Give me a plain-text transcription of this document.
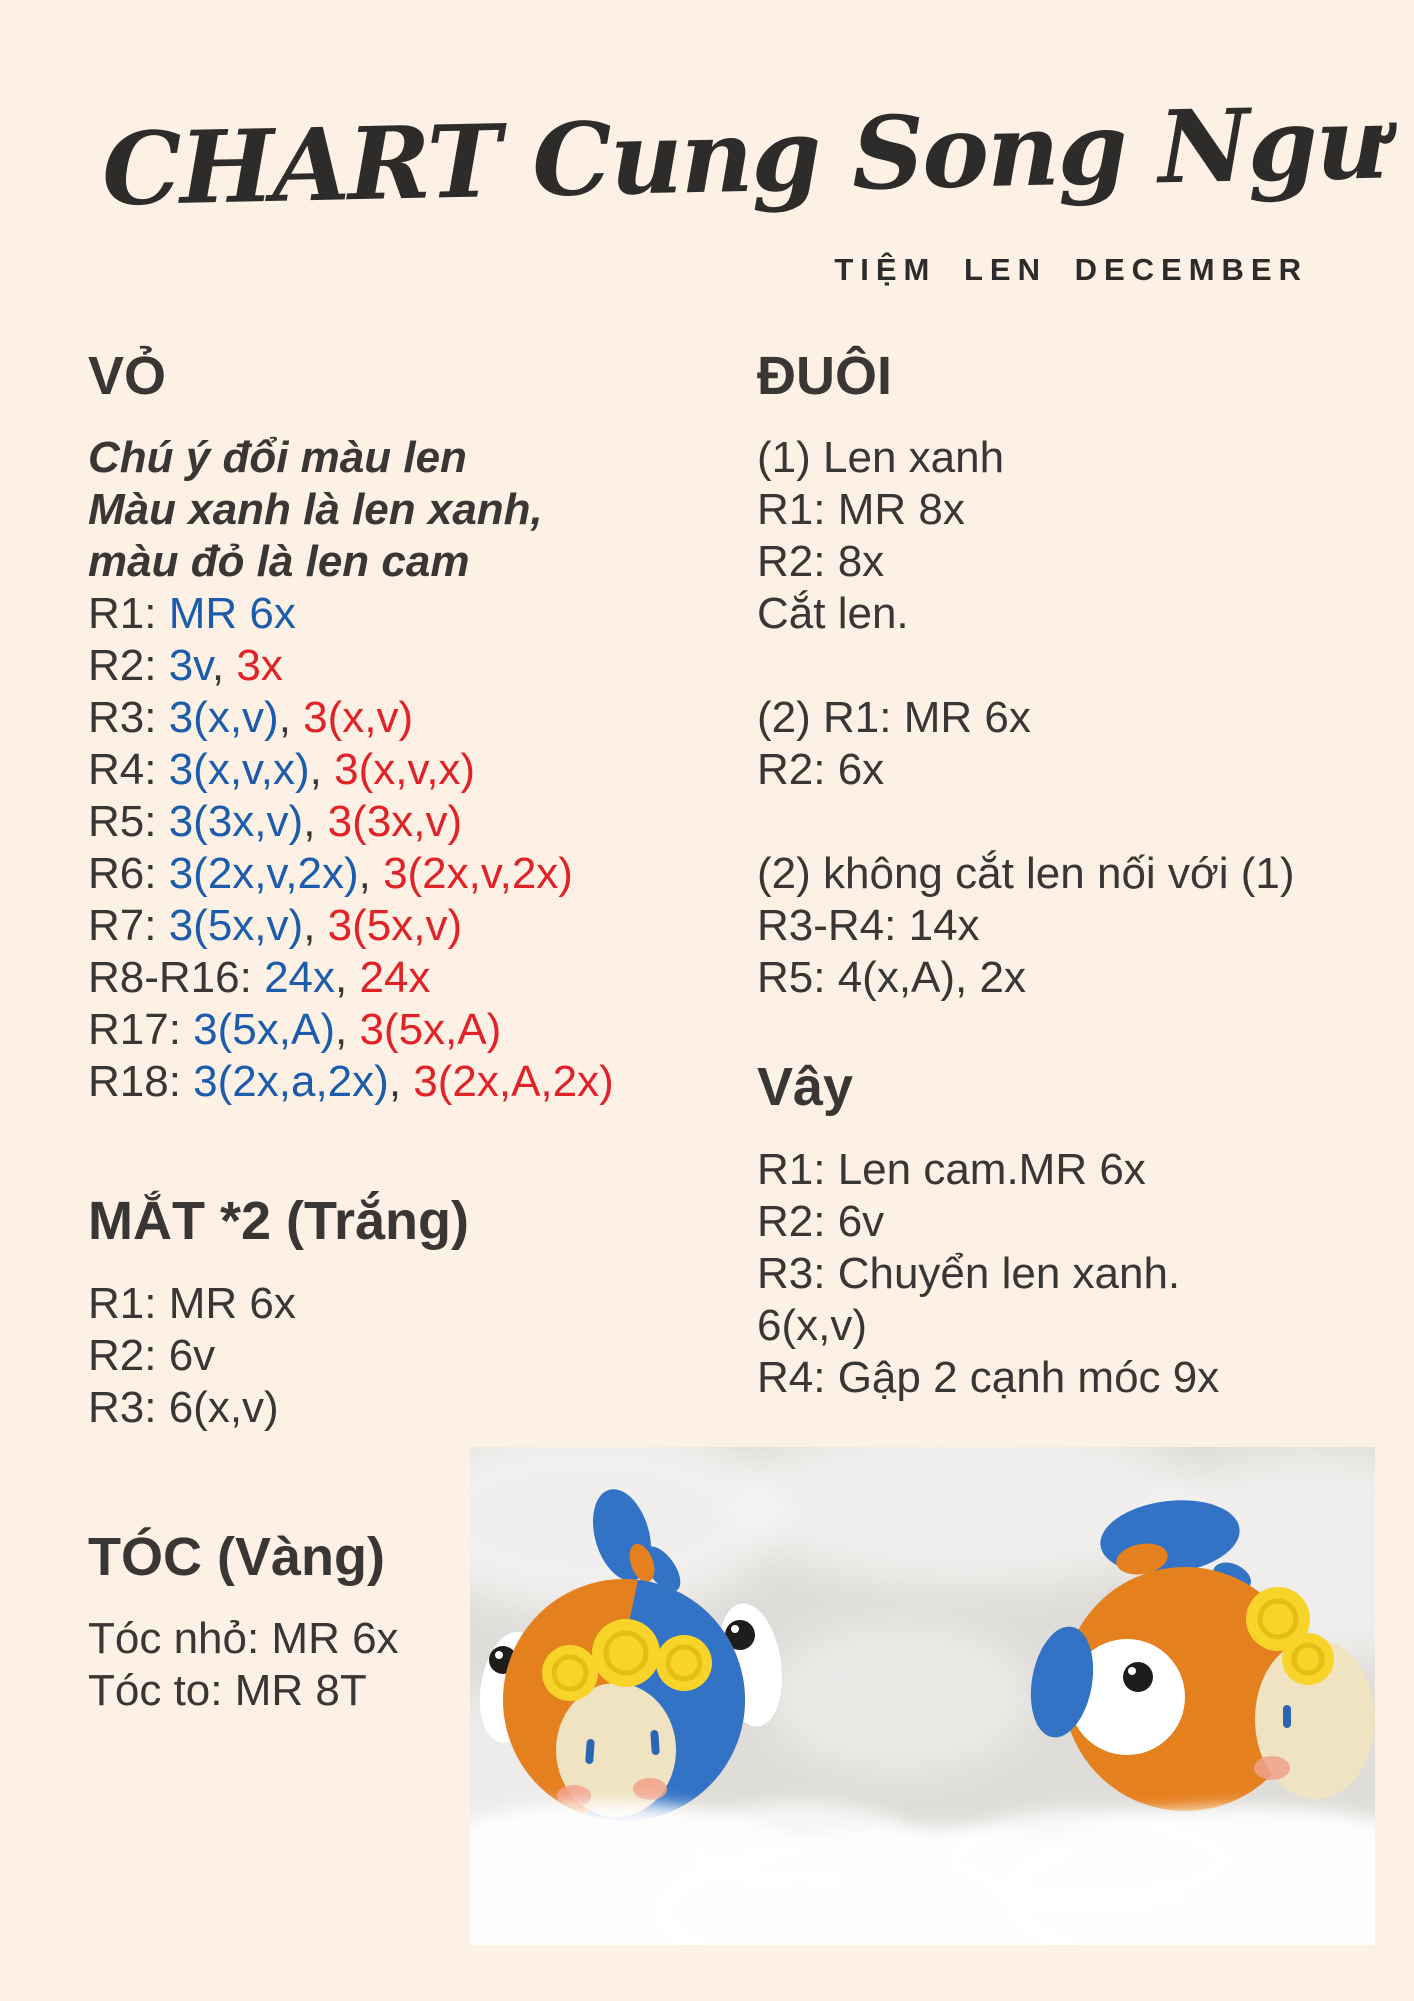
CHART Cung Song Ngư
TIỆM LEN DECEMBER
VỎ
Chú ý đổi màu len
Màu xanh là len xanh,
màu đỏ là len cam
R1: MR 6x
R2: 3v, 3x
R3: 3(x,v), 3(x,v)
R4: 3(x,v,x), 3(x,v,x)
R5: 3(3x,v), 3(3x,v)
R6: 3(2x,v,2x), 3(2x,v,2x)
R7: 3(5x,v), 3(5x,v)
R8-R16: 24x, 24x
R17: 3(5x,A), 3(5x,A)
R18: 3(2x,a,2x), 3(2x,A,2x)
MẮT *2 (Trắng)
R1: MR 6x
R2: 6v
R3: 6(x,v)
TÓC (Vàng)
Tóc nhỏ: MR 6x
Tóc to: MR 8T
ĐUÔI
(1) Len xanh
R1: MR 8x
R2: 8x
Cắt len.
(2) R1: MR 6x
R2: 6x
(2) không cắt len nối với (1)
R3-R4: 14x
R5: 4(x,A), 2x
Vây
R1: Len cam.MR 6x
R2: 6v
R3: Chuyển len xanh.
6(x,v)
R4: Gập 2 cạnh móc 9x
